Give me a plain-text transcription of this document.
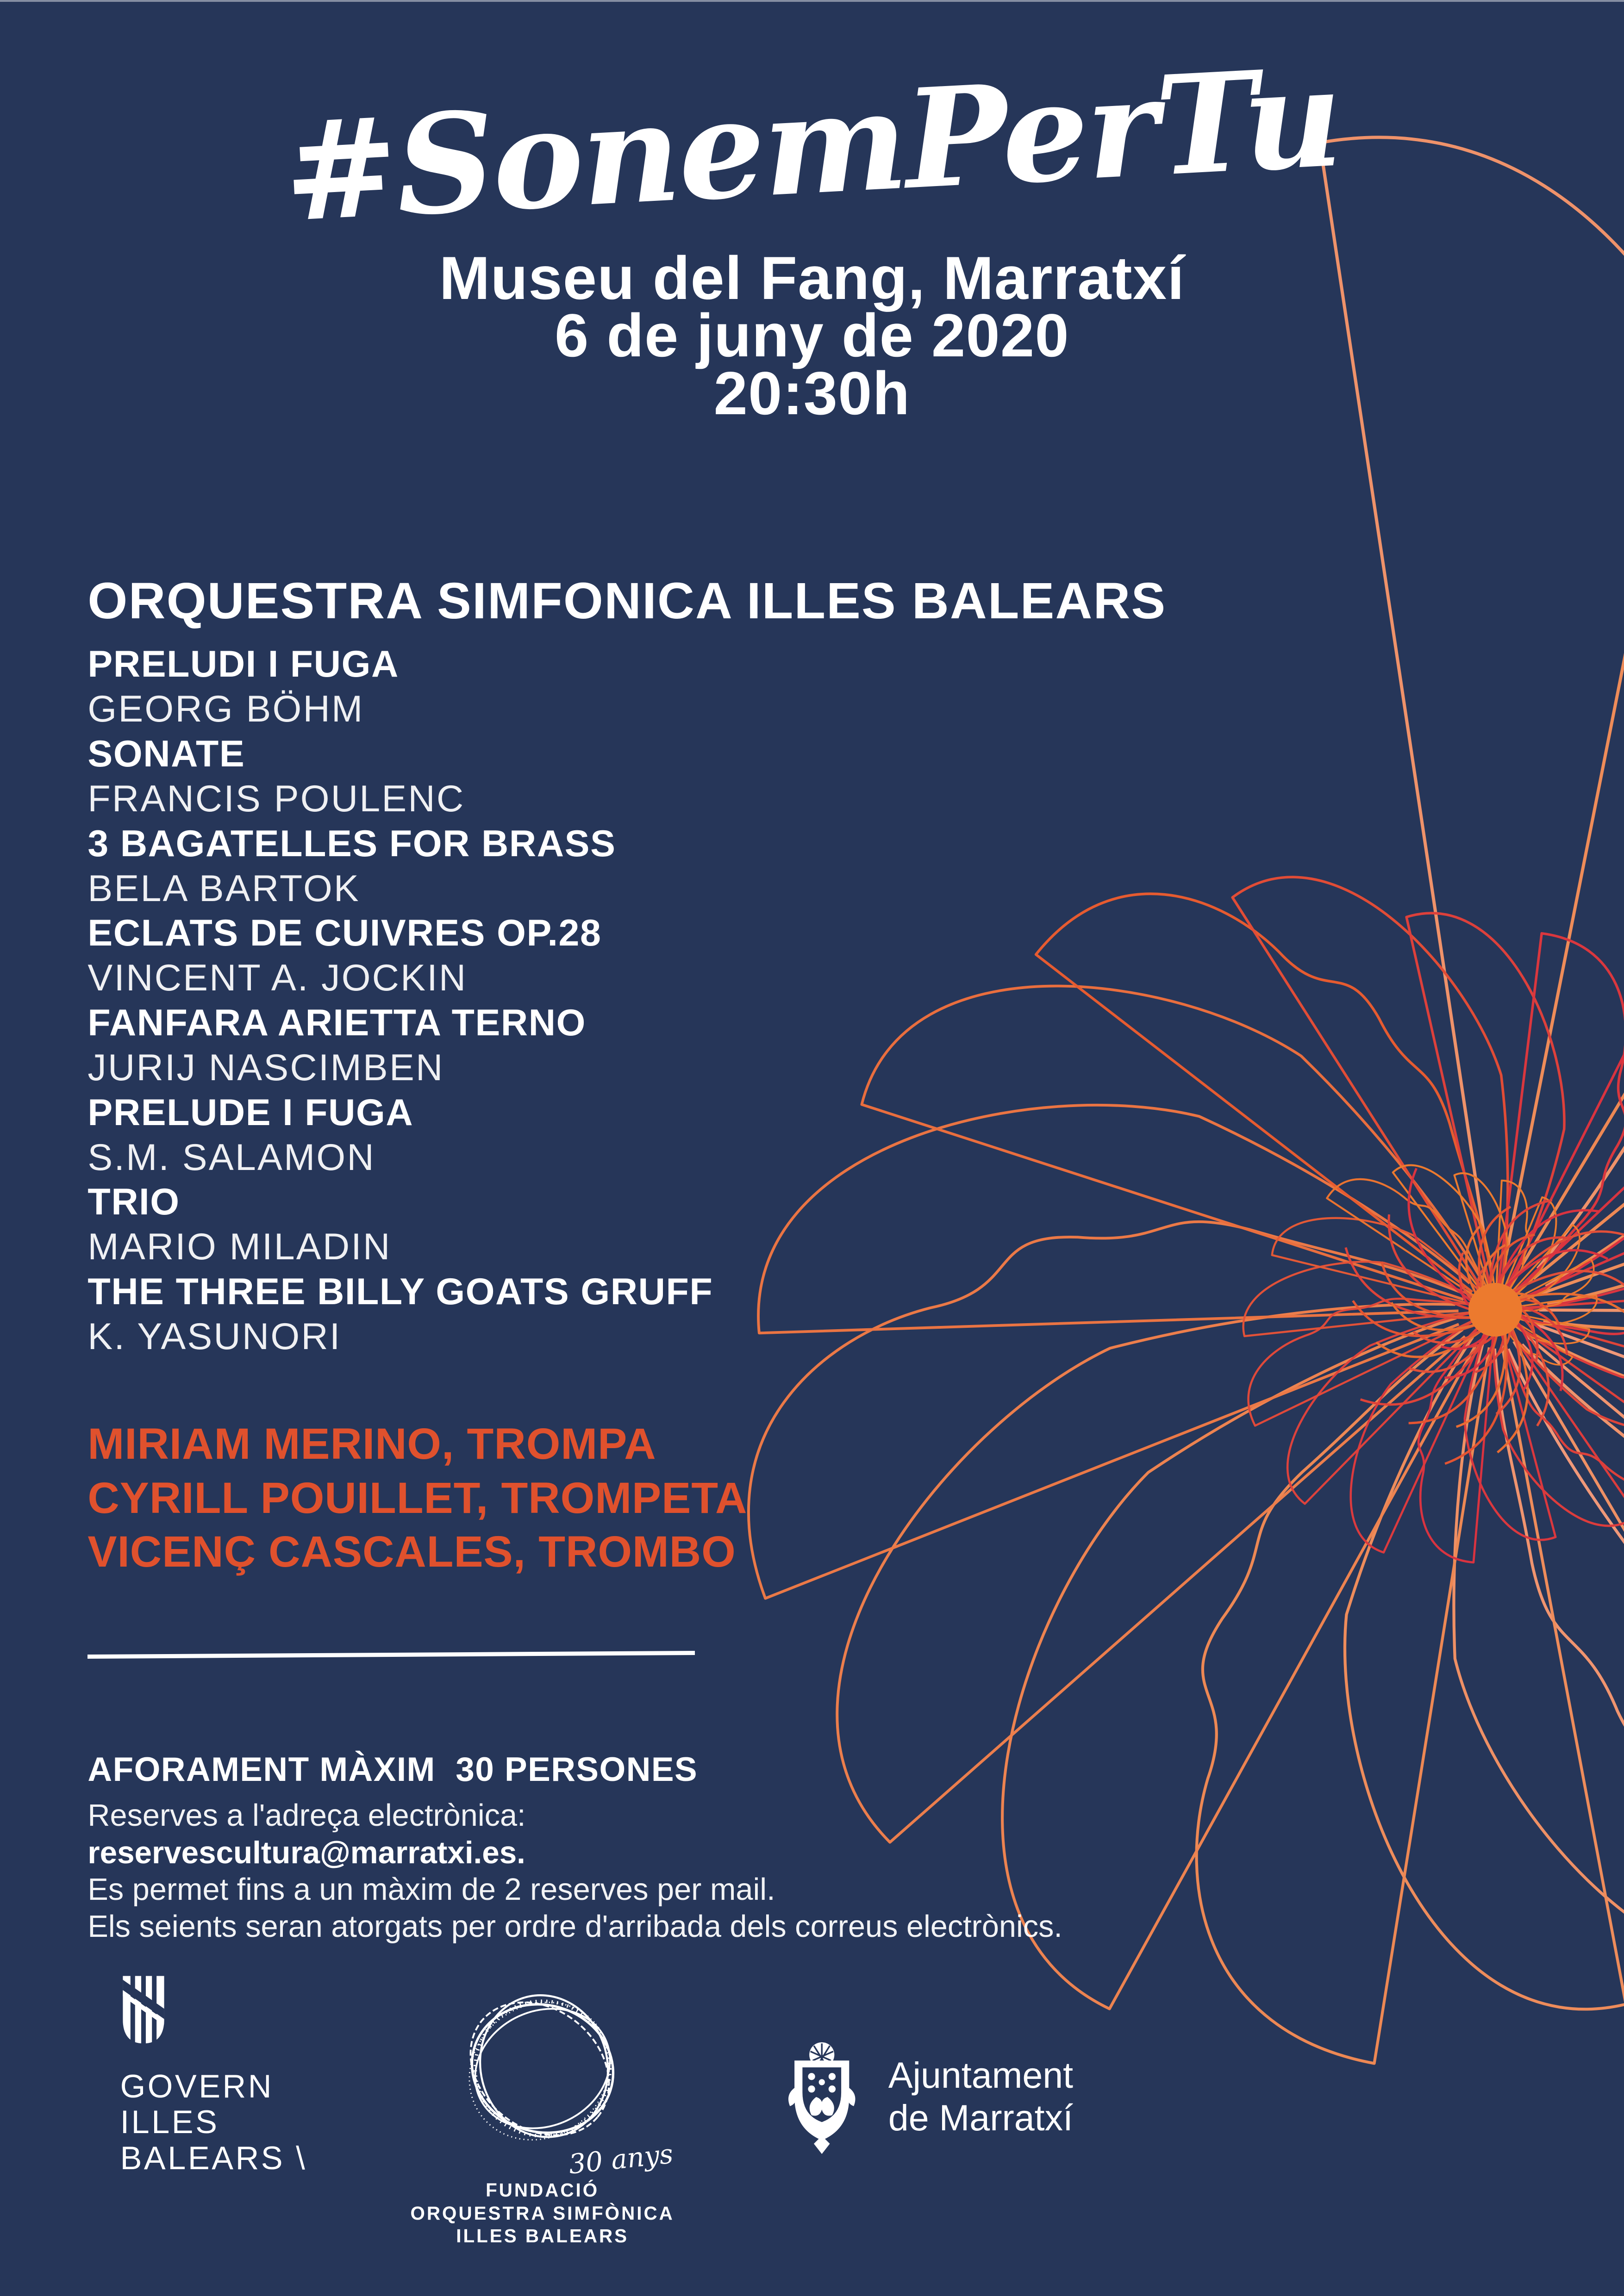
#SonemPerTu
Museu del Fang, Marratxí
6 de juny de 2020
20:30h
ORQUESTRA SIMFONICA ILLES BALEARS
PRELUDI I FUGA
GEORG BÖHM
SONATE
FRANCIS POULENC
3 BAGATELLES FOR BRASS
BELA BARTOK
ECLATS DE CUIVRES OP.28
VINCENT A. JOCKIN
FANFARA ARIETTA TERNO
JURIJ NASCIMBEN
PRELUDE I FUGA
S.M. SALAMON
TRIO
MARIO MILADIN
THE THREE BILLY GOATS GRUFF
K. YASUNORI
MIRIAM MERINO, TROMPA
CYRILL POUILLET, TROMPETA
VICENÇ CASCALES, TROMBO
AFORAMENT MÀXIM  30 PERSONES
Reserves a l'adreça electrònica:
reservescultura@marratxi.es.
Es permet fins a un màxim de 2 reserves per mail.
Els seients seran atorgats per ordre d'arribada dels correus electrònics.
GOVERN
ILLES
BALEARS \	30 anys
FUNDACIÓ
ORQUESTRA SIMFÒNICA
ILLES BALEARS
Ajuntament
de Marratxí
